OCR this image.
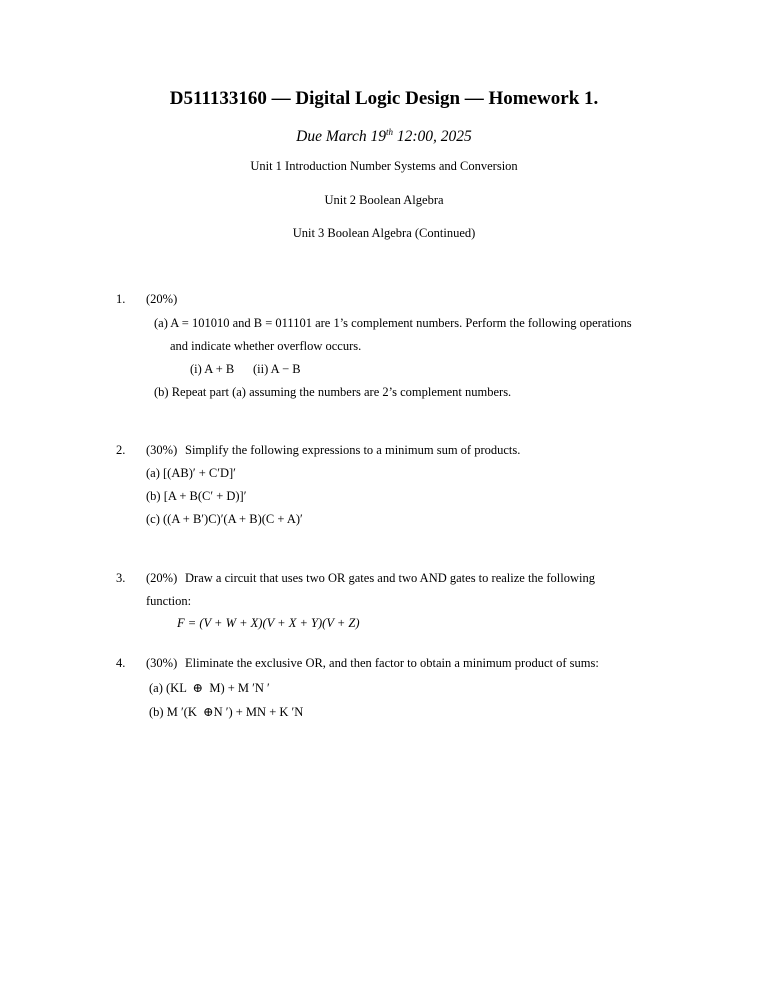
D511133160 — Digital Logic Design — Homework 1.
Due March 19th 12:00, 2025
Unit 1 Introduction Number Systems and Conversion
Unit 2 Boolean Algebra
Unit 3 Boolean Algebra (Continued)
1. (20%)
(a) A = 101010 and B = 011101 are 1’s complement numbers. Perform the following operations
and indicate whether overflow occurs.
(i) A + B      (ii) A − B
(b) Repeat part (a) assuming the numbers are 2’s complement numbers.
2. (30%) Simplify the following expressions to a minimum sum of products.
(a) [(AB)′ + C′D]′
(b) [A + B(C′ + D)]′
(c) ((A + B′)C)′(A + B)(C + A)′
3. (20%) Draw a circuit that uses two OR gates and two AND gates to realize the following
function:
F = (V + W + X)(V + X + Y)(V + Z)
4. (30%) Eliminate the exclusive OR, and then factor to obtain a minimum product of sums:
(a) (KL  ⊕  M) + M ′N ′
(b) M ′(K  ⊕N ′) + MN + K ′N
